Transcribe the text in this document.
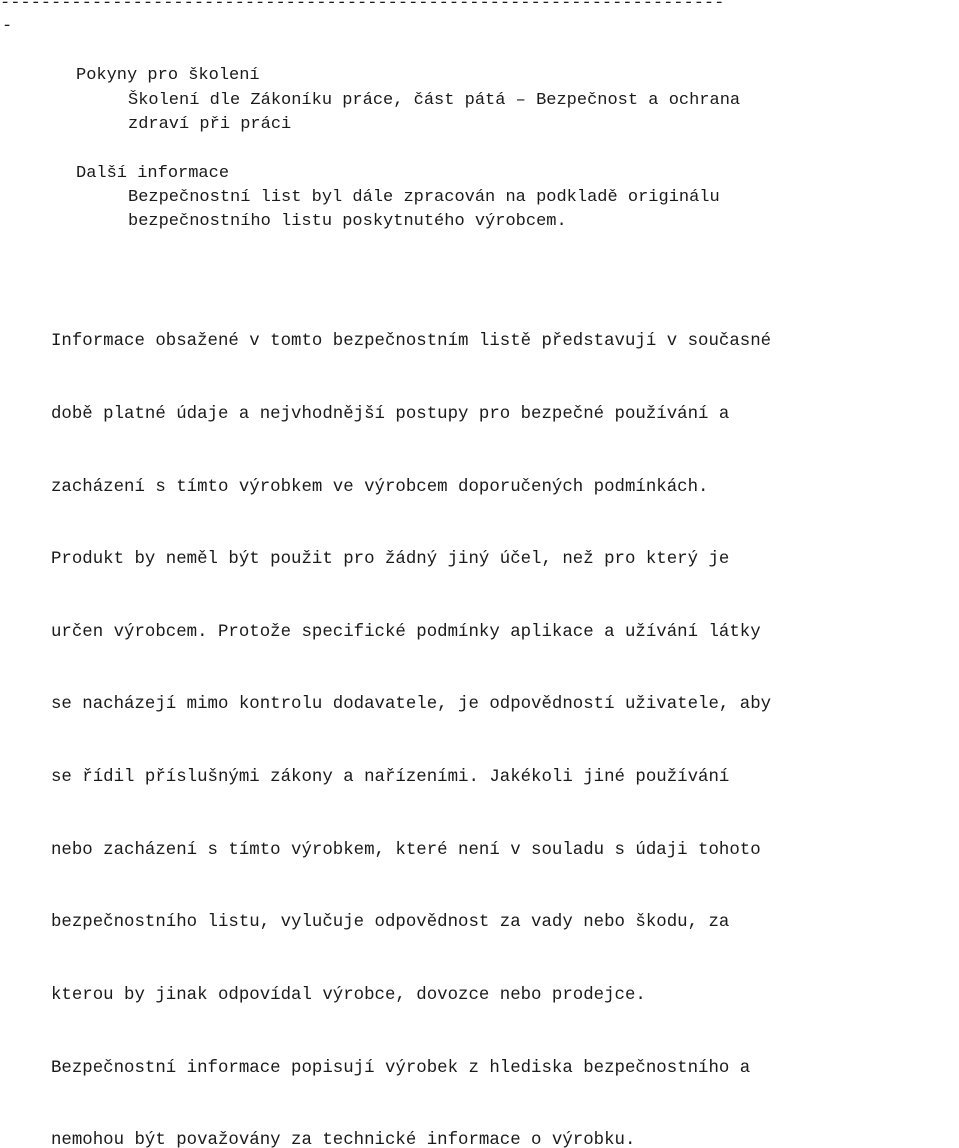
-----------------------------------------------------------------------
-
Pokyny pro školení
Školení dle Zákoníku práce, část pátá – Bezpečnost a ochrana
zdraví při práci
Další informace
Bezpečnostní list byl dále zpracován na podkladě originálu
bezpečnostního listu poskytnutého výrobcem.

Informace obsažené v tomto bezpečnostním listě představují v současné

době platné údaje a nejvhodnější postupy pro bezpečné používání a

zacházení s tímto výrobkem ve výrobcem doporučených podmínkách.

Produkt by neměl být použit pro žádný jiný účel, než pro který je

určen výrobcem. Protože specifické podmínky aplikace a užívání látky

se nacházejí mimo kontrolu dodavatele, je odpovědností uživatele, aby

se řídil příslušnými zákony a nařízeními. Jakékoli jiné používání

nebo zacházení s tímto výrobkem, které není v souladu s údaji tohoto

bezpečnostního listu, vylučuje odpovědnost za vady nebo škodu, za

kterou by jinak odpovídal výrobce, dovozce nebo prodejce.

Bezpečnostní informace popisují výrobek z hlediska bezpečnostního a

nemohou být považovány za technické informace o výrobku.
